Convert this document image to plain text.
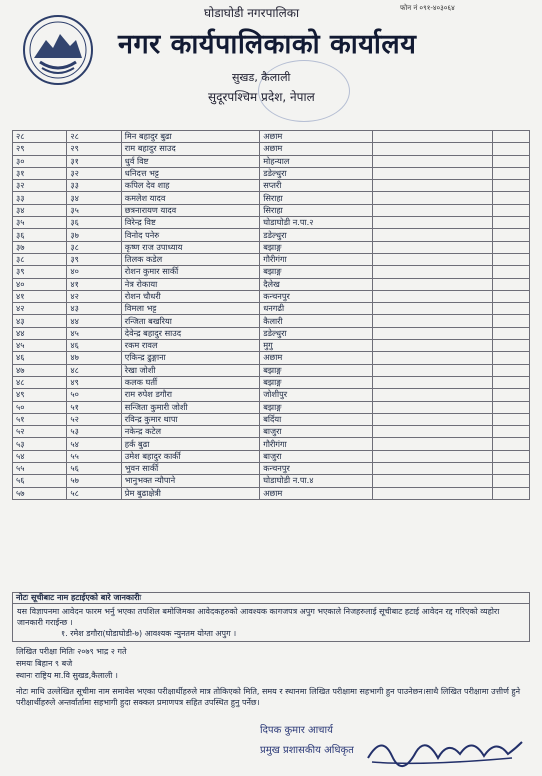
घोडाघोडी नगरपालिका	फोन नं ०९१-४०३०६४
नगर कार्यपालिकाको कार्यालय
सुखड, कैलाली
सुदूरपश्चिम प्रदेश, नेपाल
२८	२८	मिन बहादुर बुढा	अछाम		
२९	२९	राम बहादुर साउद	अछाम		
३०	३१	धुर्व विष्ट	मोहन्याल		
३१	३२	धनिदत्त भट्ट	डडेल्धुरा		
३२	३३	कपिल देव शाह	सप्तरी		
३३	३४	कमलेश यादव	सिराहा		
३४	३५	छत्रनारायण यादव	सिराहा		
३५	३६	विरेन्द्र विष्ट	घोडाघोडी न.पा.२		
३६	३७	विनोद पनेरु	डडेल्धुरा		
३७	३८	कृष्ण राज उपाध्याय	बझाङ्ग		
३८	३९	तिलक कडेल	गौरीगंगा		
३९	४०	रोशन कुमार सार्की	बझाङ्ग		
४०	४१	नेत्र रोकाया	दैलेख		
४१	४२	रोशन चौधरी	कन्चनपुर		
४२	४३	विमला भट्ट	धनगढी		
४३	४४	रन्जिता बखरिया	कैलारी		
४४	४५	देवेन्द्र बहादुर साउद	डडेल्धुरा		
४५	४६	रकम रावल	मुगु		
४६	४७	एकिन्द्र ढुङ्गाना	अछाम		
४७	४८	रेखा जोशी	बझाङ्ग		
४८	४९	कलक घर्ती	बझाङ्ग		
४९	५०	राम रुपेश डगौरा	जोशीपुर		
५०	५१	सन्जिता कुमारी जोशी	बझाङ्ग		
५१	५२	रविन्द्र कुमार थापा	बर्दिया		
५२	५३	नकेन्द्र कटेल	बाजुरा		
५३	५४	हर्क बुढा	गौरीगंगा		
५४	५५	उमेश बहादुर कार्की	बाजुरा		
५५	५६	भुवन सार्की	कन्चनपुर		
५६	५७	भानुभक्त न्यौपाने	घोडाघोडी न.पा.४		
५७	५८	प्रेम बुढाक्षेत्री	अछाम		
नोटः सूचीबाट नाम हटाईएको बारे जानकारीः
यस विज्ञापनमा आवेदन फारम भर्नु भएका तपशिल बमोजिमका आवेदकहरुको आवश्यक कागजपत्र अपुग भएकाले निजहरुलाई सूचीबाट हटाई आवेदन रद्द गरिएको व्यहोरा जानकारी गराईन्छ ।
१. रमेश डगौरा(घोडाघोडी-७) आवश्यक न्युनतम योग्ता अपुग ।
लिखित परीक्षा मितिः २०७९ भाद्र २ गते
समयः बिहान ९ बजे
स्थानः राष्ट्रिय मा.वि सुखड,कैलाली ।
नोटः माथि उल्लेखित सूचीमा नाम समावेस भएका परीक्षार्थीहरुले मात्र तोकिएको मिति, समय र स्थानमा लिखित परीक्षामा सहभागी हुन पाउनेछन।साथै लिखित परीक्षामा उत्तीर्ण हुने परीक्षार्थीहरुले अन्तर्वार्तामा सहभागी हुदा सक्कल प्रमाणपत्र सहित उपस्थित हुनु पर्नेछ।
दिपक कुमार आचार्य
प्रमुख प्रशासकीय अधिकृत
